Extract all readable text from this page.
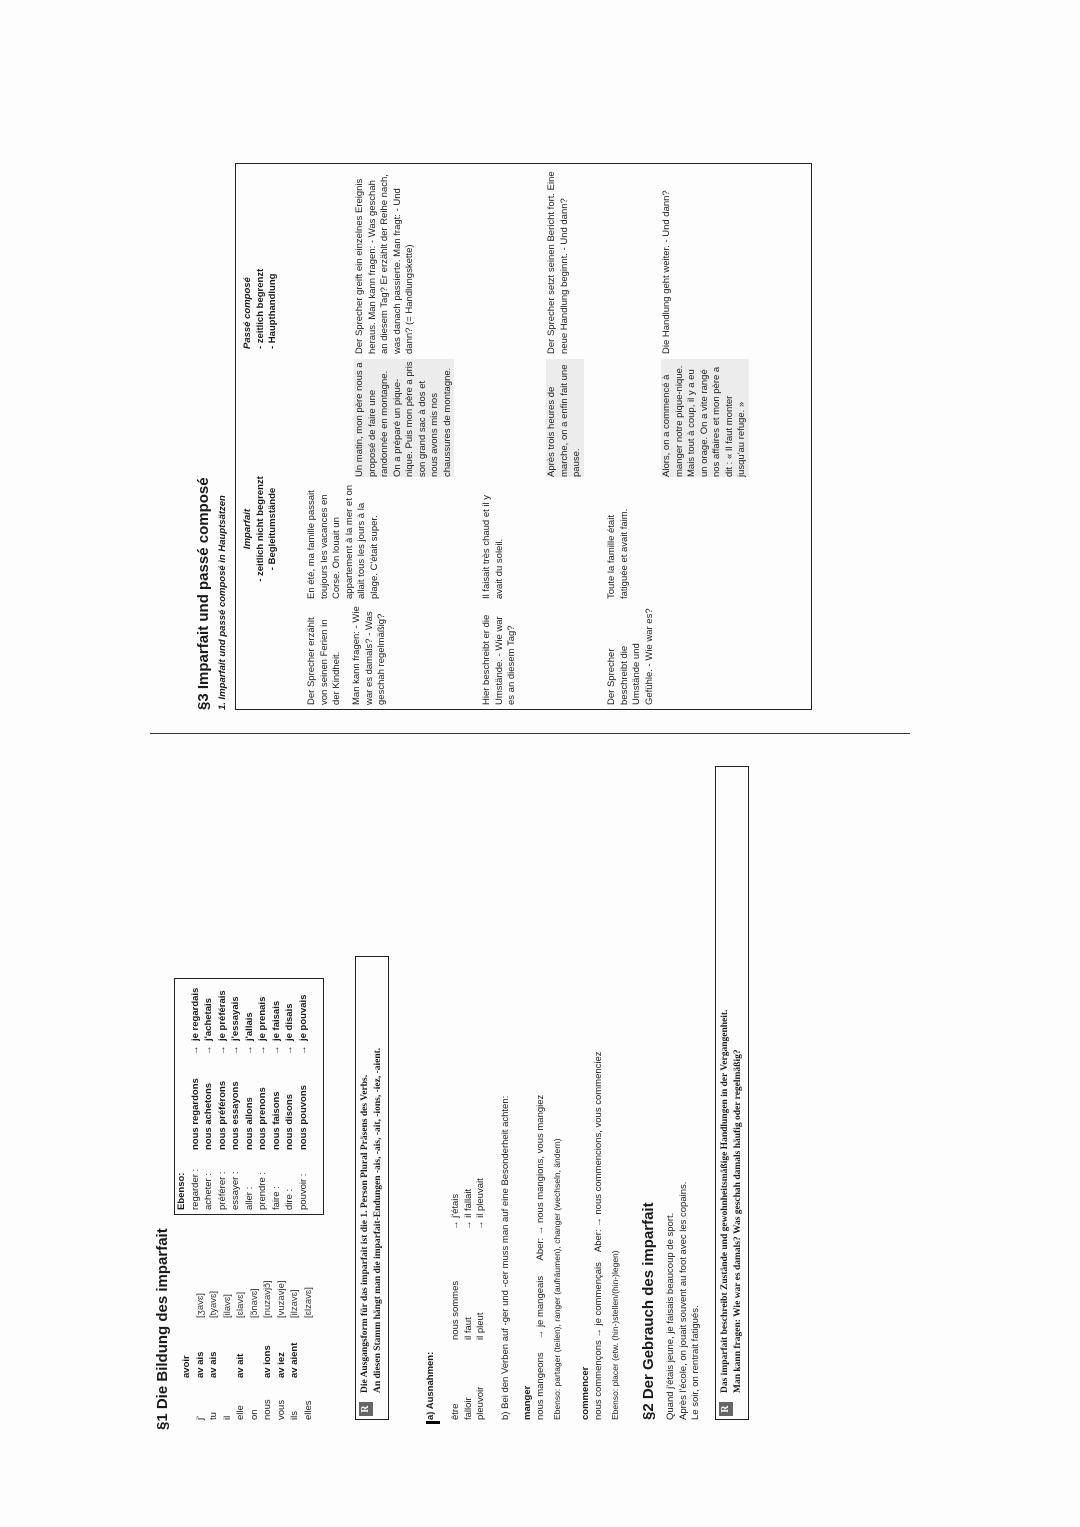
§1 Die Bildung des imparfait avoir
j'
av ais
[ʒavɛ]
tu
av ais
[tyavɛ]
il
[ilavɛ]
elle
av ait
[ɛlavɛ]
on
[ɔ̃navɛ]
nous
av ions
[nuzavjɔ̃]
vous
av iez
[vuzavje]
ils
av aient
[ilzavɛ]
elles
[ɛlzavɛ]
Ebenso: regarder :
nous regardons
→
je regardais
acheter :
nous achetons
→
j'achetais
préférer :
nous préférons
→
je préférais
essayer :
nous essayons
→
j'essayais
aller :
nous allons
→
j'allais
prendre :
nous prenons
→
je prenais
faire :
nous faisons
→
je faisais
dire :
nous disons
→
je disais
pouvoir :
nous pouvons
→
je pouvais
R
Die Ausgangsform für das imparfait ist die 1. Person Plural Präsens des Verbs. An diesen Stamm hängt man die imparfait-Endungen -ais, -ais, -ait, -ions, -iez, -aient.	a) Ausnahmen: être
nous sommes
→ j'étais
falloir
il faut
→ il fallait
pleuvoir
il pleut
→ il pleuvait b) Bei den Verben auf -ger und -cer muss man auf eine Besonderheit achten: manger nous mangeons     → je mangeais      Aber: → nous mangions, vous mangiez Ebenso: partager (teilen), ranger (aufräumen), changer (wechseln, ändern) commencer nous commençons → je commençais    Aber: → nous commencions, vous commenciez Ebenso: placer (etw. (hin-)stellen/(hin-)legen) §2 Der Gebrauch des imparfait Quand j'étais jeune, je faisais beaucoup de sport. Après l'école, on jouait souvent au foot avec les copains. Le soir, on rentrait fatigués. R
Das imparfait beschreibt Zustände und gewohnheitsmäßige Handlungen in der Vergangenheit. Man kann fragen: Wie war es damals? Was geschah damals häufig oder regelmäßig?
§3 Imparfait und passé composé 1. Imparfait und passé composé in Hauptsätzen Imparfait - zeitlich nicht begrenzt - Begleitumstände
Passé composé - zeitlich begrenzt - Haupthandlung
Der Sprecher erzählt von seinen Ferien in der Kindheit. Man kann fragen: - Wie war es damals? - Was geschah regelmäßig?
En été, ma famille passait toujours les vacances en Corse. On louait un appartement à la mer et on allait tous les jours à la plage. C'était super.
Un matin, mon père nous a proposé de faire une randonnée en montagne. On a préparé un pique-nique. Puis mon père a pris son grand sac à dos et nous avons mis nos chaussures de montagne.
Der Sprecher greift ein einzelnes Ereignis heraus. Man kann fragen: - Was geschah an diesem Tag? Er erzählt der Reihe nach, was danach passierte. Man fragt: - Und dann? (= Handlungskette)
Hier beschreibt er die Umstände. - Wie war es an diesem Tag?
Il faisait très chaud et il y avait du soleil.
Après trois heures de marche, on a enfin fait une pause.
Der Sprecher setzt seinen Bericht fort. Eine neue Handlung beginnt. - Und dann?
Der Sprecher beschreibt die Umstände und Gefühle. - Wie war es?
Toute la famille était fatiguée et avait faim.
Alors, on a commencé à manger notre pique-nique. Mais tout à coup, il y a eu un orage. On a vite rangé nos affaires et mon père a dit : « Il faut monter jusqu'au refuge. »
Die Handlung geht weiter. - Und dann?
